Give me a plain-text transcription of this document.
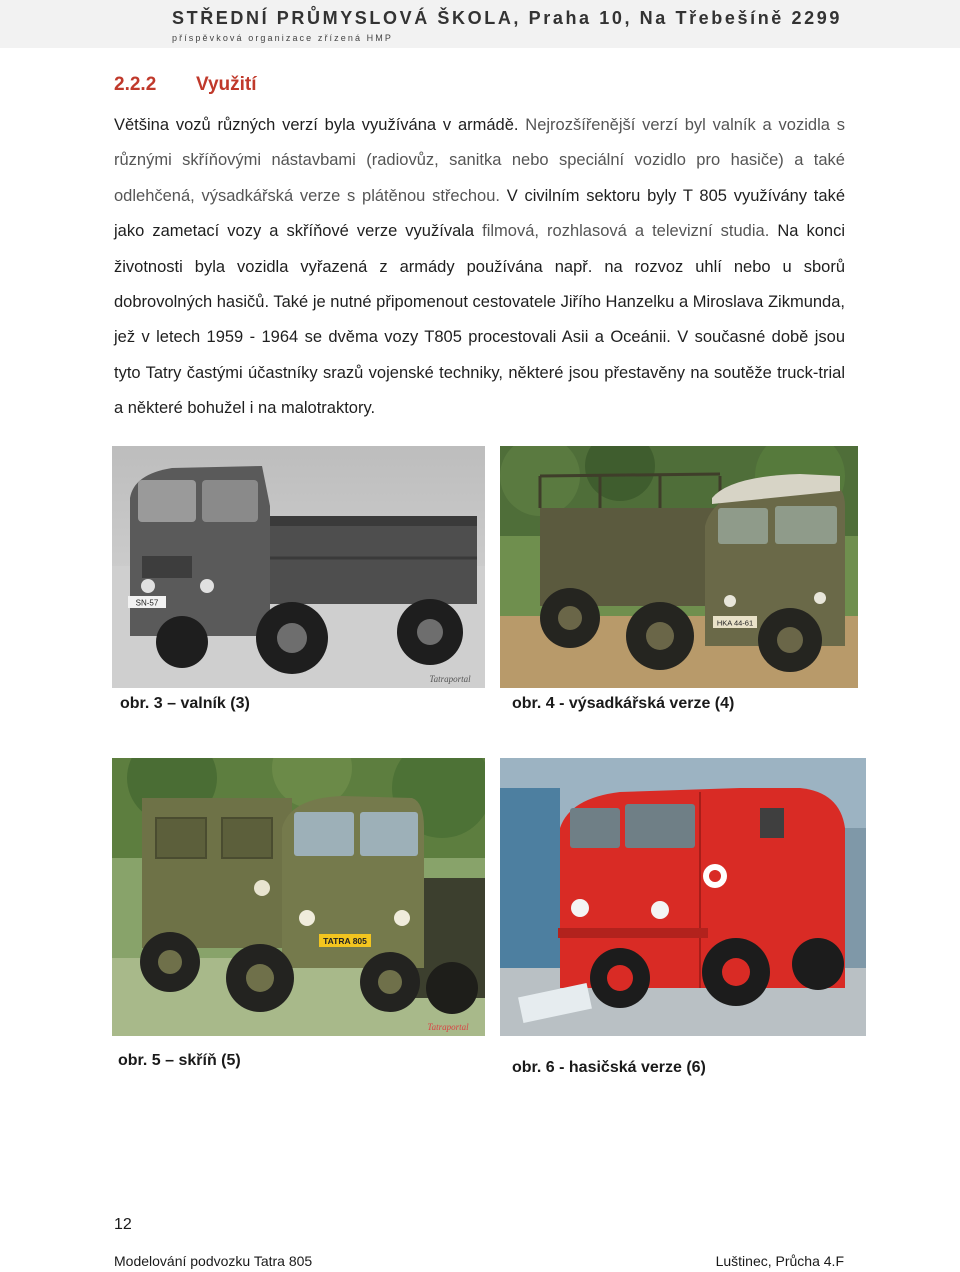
STŘEDNÍ PRŮMYSLOVÁ ŠKOLA, Praha 10, Na Třebešíně 2299
příspěvková organizace zřízená HMP
2.2.2 Využití
Většina vozů různých verzí byla využívána v armádě. Nejrozšířenější verzí byl valník a vozidla s různými skříňovými nástavbami (radiovůz, sanitka nebo speciální vozidlo pro hasiče) a také odlehčená, výsadkářská verze s plátěnou střechou. V civilním sektoru byly T 805 využívány také jako zametací vozy a skříňové verze využívala filmová, rozhlasová a televizní studia. Na konci životnosti byla vozidla vyřazená z armády používána např. na rozvoz uhlí nebo u sborů dobrovolných hasičů. Také je nutné připomenout cestovatele Jiřího Hanzelku a Miroslava Zikmunda, jež v letech 1959 - 1964 se dvěma vozy T805 procestovali Asii a Oceánii. V současné době jsou tyto Tatry častými účastníky srazů vojenské techniky, některé jsou přestavěny na soutěže truck-trial a některé bohužel i na malotraktory.
SN-57
Tatraportal
HKA 44-61
obr. 3 – valník (3)	obr. 4 - výsadkářská verze (4)
TATRA 805
Tatraportal
obr. 5 – skříň (5)	obr. 6 - hasičská verze (6)
12
Modelování podvozku Tatra 805	Luštinec, Průcha 4.F
